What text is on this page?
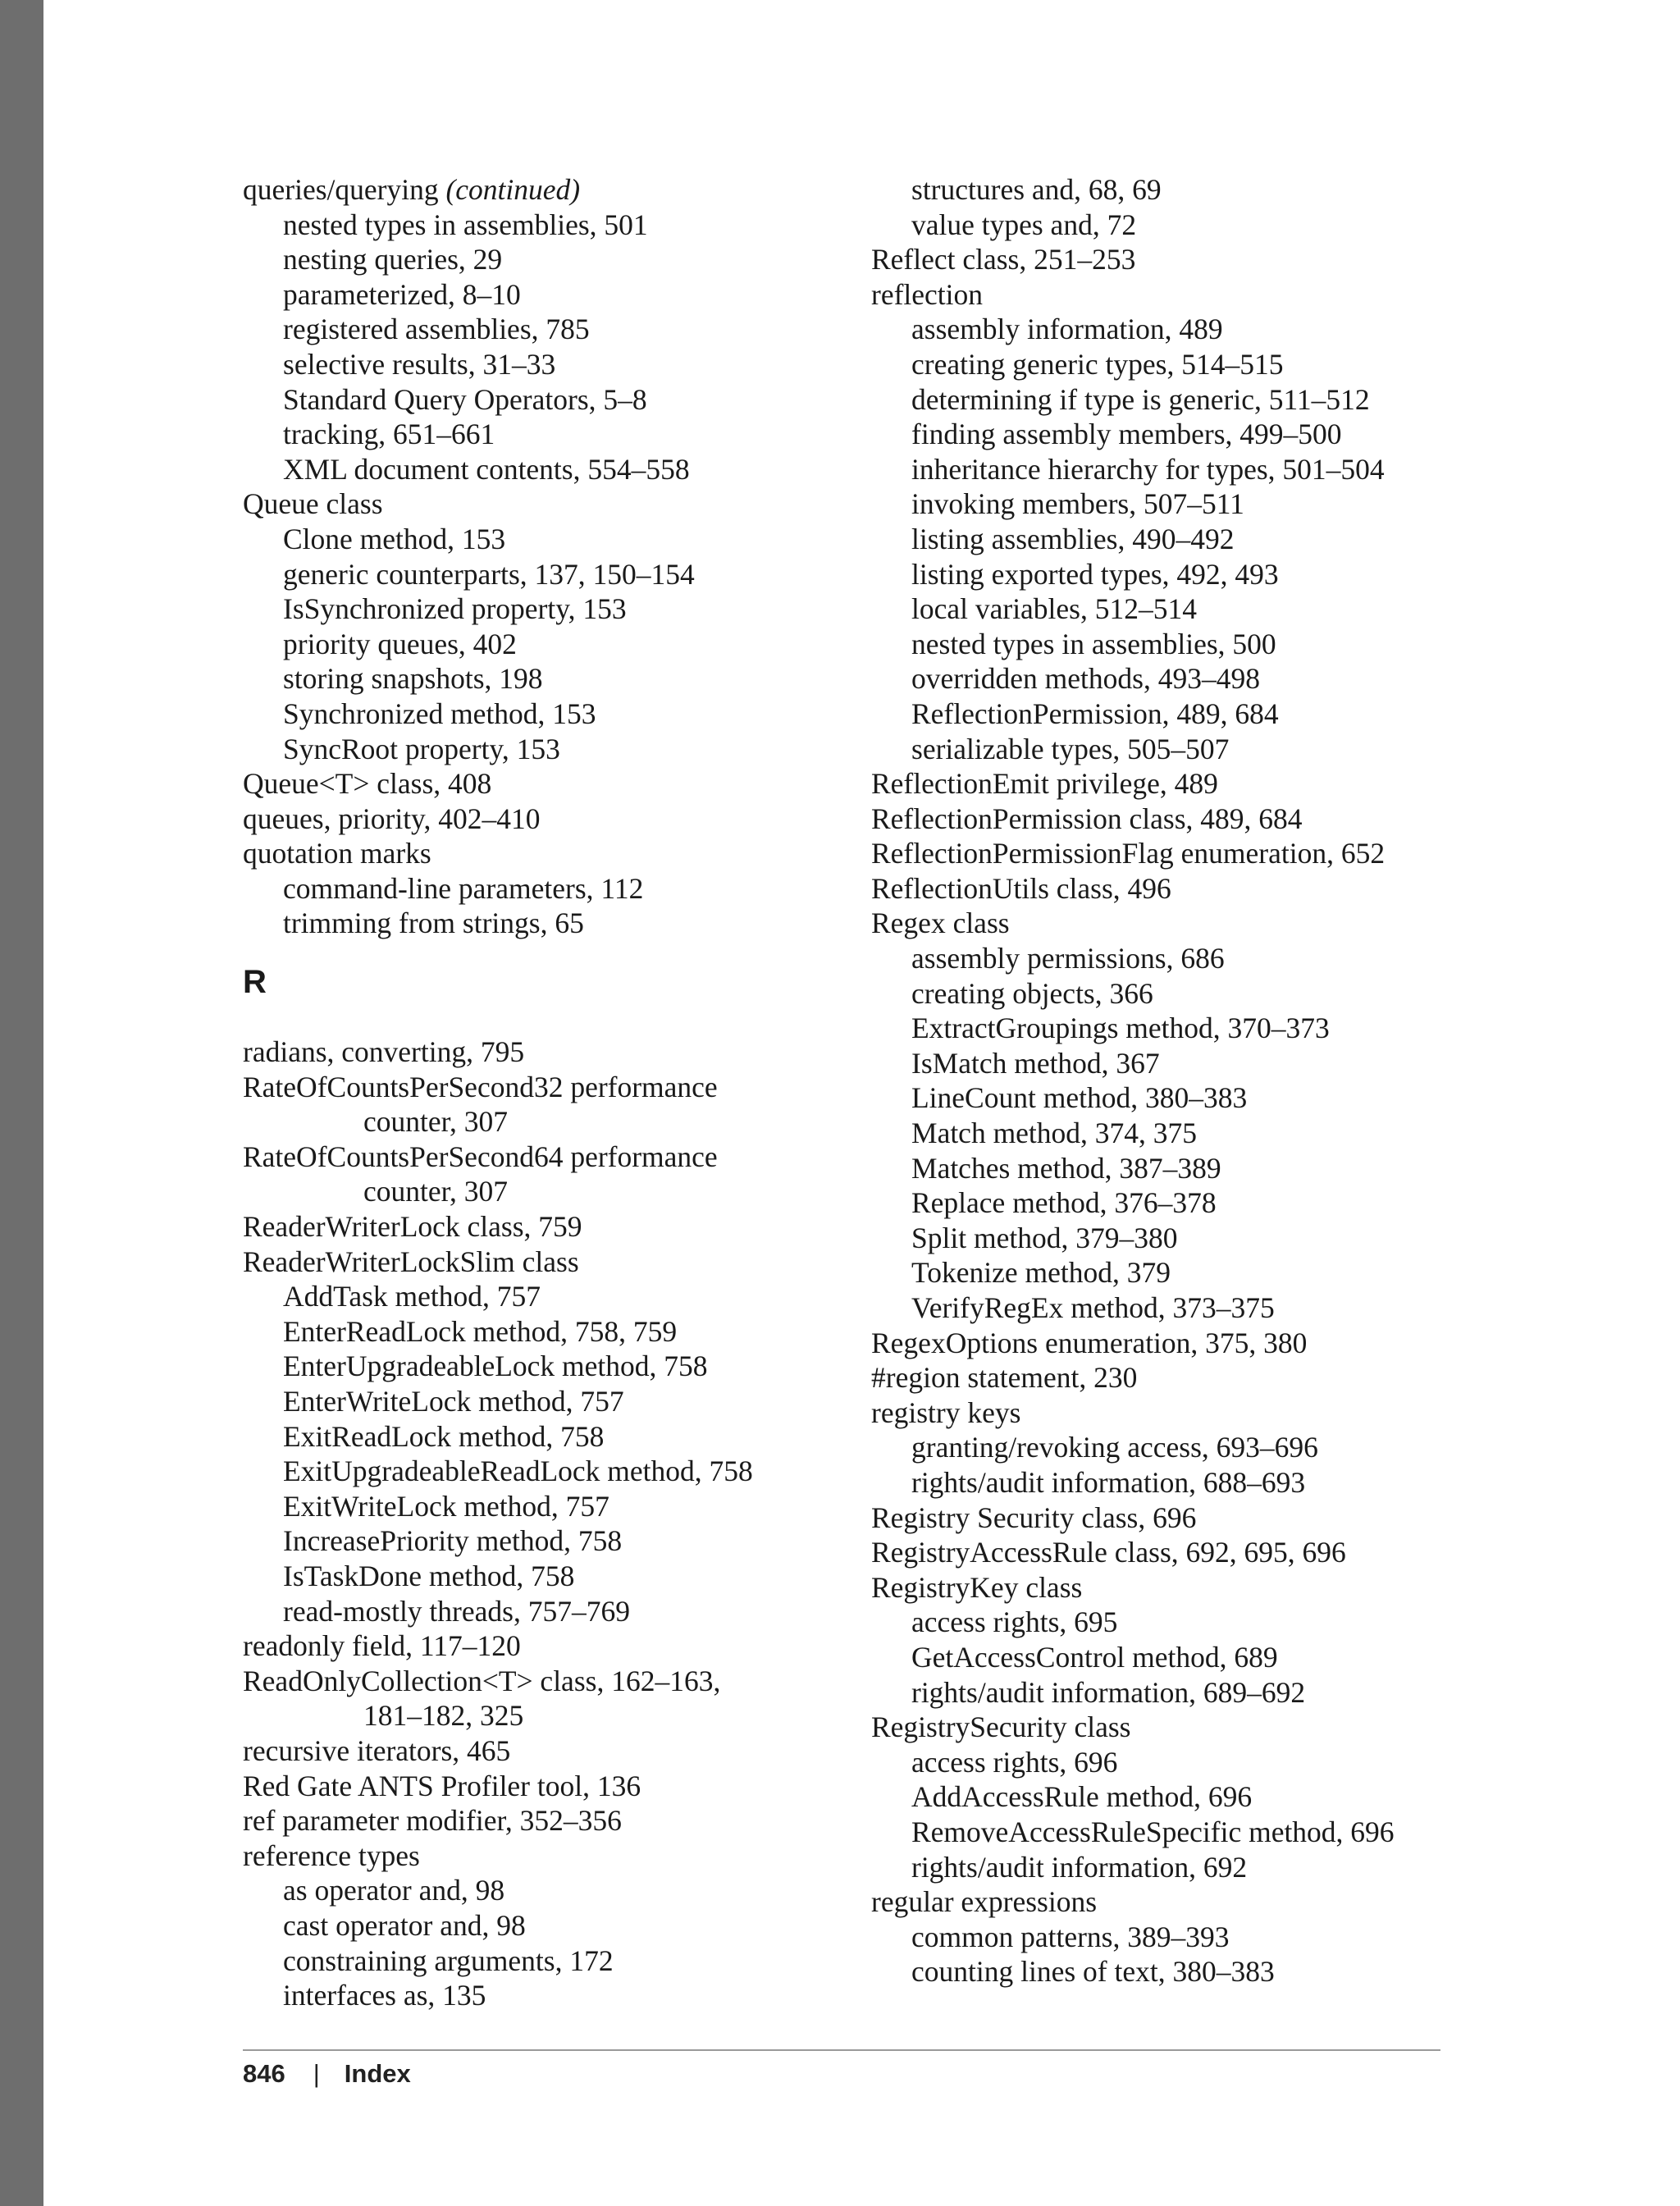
queries/querying (continued)
nested types in assemblies, 501
nesting queries, 29
parameterized, 8–10
registered assemblies, 785
selective results, 31–33
Standard Query Operators, 5–8
tracking, 651–661
XML document contents, 554–558
Queue class
Clone method, 153
generic counterparts, 137, 150–154
IsSynchronized property, 153
priority queues, 402
storing snapshots, 198
Synchronized method, 153
SyncRoot property, 153
Queue<T> class, 408
queues, priority, 402–410
quotation marks
command-line parameters, 112
trimming from strings, 65
R
radians, converting, 795
RateOfCountsPerSecond32 performance
counter, 307
RateOfCountsPerSecond64 performance
counter, 307
ReaderWriterLock class, 759
ReaderWriterLockSlim class
AddTask method, 757
EnterReadLock method, 758, 759
EnterUpgradeableLock method, 758
EnterWriteLock method, 757
ExitReadLock method, 758
ExitUpgradeableReadLock method, 758
ExitWriteLock method, 757
IncreasePriority method, 758
IsTaskDone method, 758
read-mostly threads, 757–769
readonly field, 117–120
ReadOnlyCollection<T> class, 162–163,
181–182, 325
recursive iterators, 465
Red Gate ANTS Profiler tool, 136
ref parameter modifier, 352–356
reference types
as operator and, 98
cast operator and, 98
constraining arguments, 172
interfaces as, 135
structures and, 68, 69
value types and, 72
Reflect class, 251–253
reflection
assembly information, 489
creating generic types, 514–515
determining if type is generic, 511–512
finding assembly members, 499–500
inheritance hierarchy for types, 501–504
invoking members, 507–511
listing assemblies, 490–492
listing exported types, 492, 493
local variables, 512–514
nested types in assemblies, 500
overridden methods, 493–498
ReflectionPermission, 489, 684
serializable types, 505–507
ReflectionEmit privilege, 489
ReflectionPermission class, 489, 684
ReflectionPermissionFlag enumeration, 652
ReflectionUtils class, 496
Regex class
assembly permissions, 686
creating objects, 366
ExtractGroupings method, 370–373
IsMatch method, 367
LineCount method, 380–383
Match method, 374, 375
Matches method, 387–389
Replace method, 376–378
Split method, 379–380
Tokenize method, 379
VerifyRegEx method, 373–375
RegexOptions enumeration, 375, 380
#region statement, 230
registry keys
granting/revoking access, 693–696
rights/audit information, 688–693
Registry Security class, 696
RegistryAccessRule class, 692, 695, 696
RegistryKey class
access rights, 695
GetAccessControl method, 689
rights/audit information, 689–692
RegistrySecurity class
access rights, 696
AddAccessRule method, 696
RemoveAccessRuleSpecific method, 696
rights/audit information, 692
regular expressions
common patterns, 389–393
counting lines of text, 380–383
846 | Index
